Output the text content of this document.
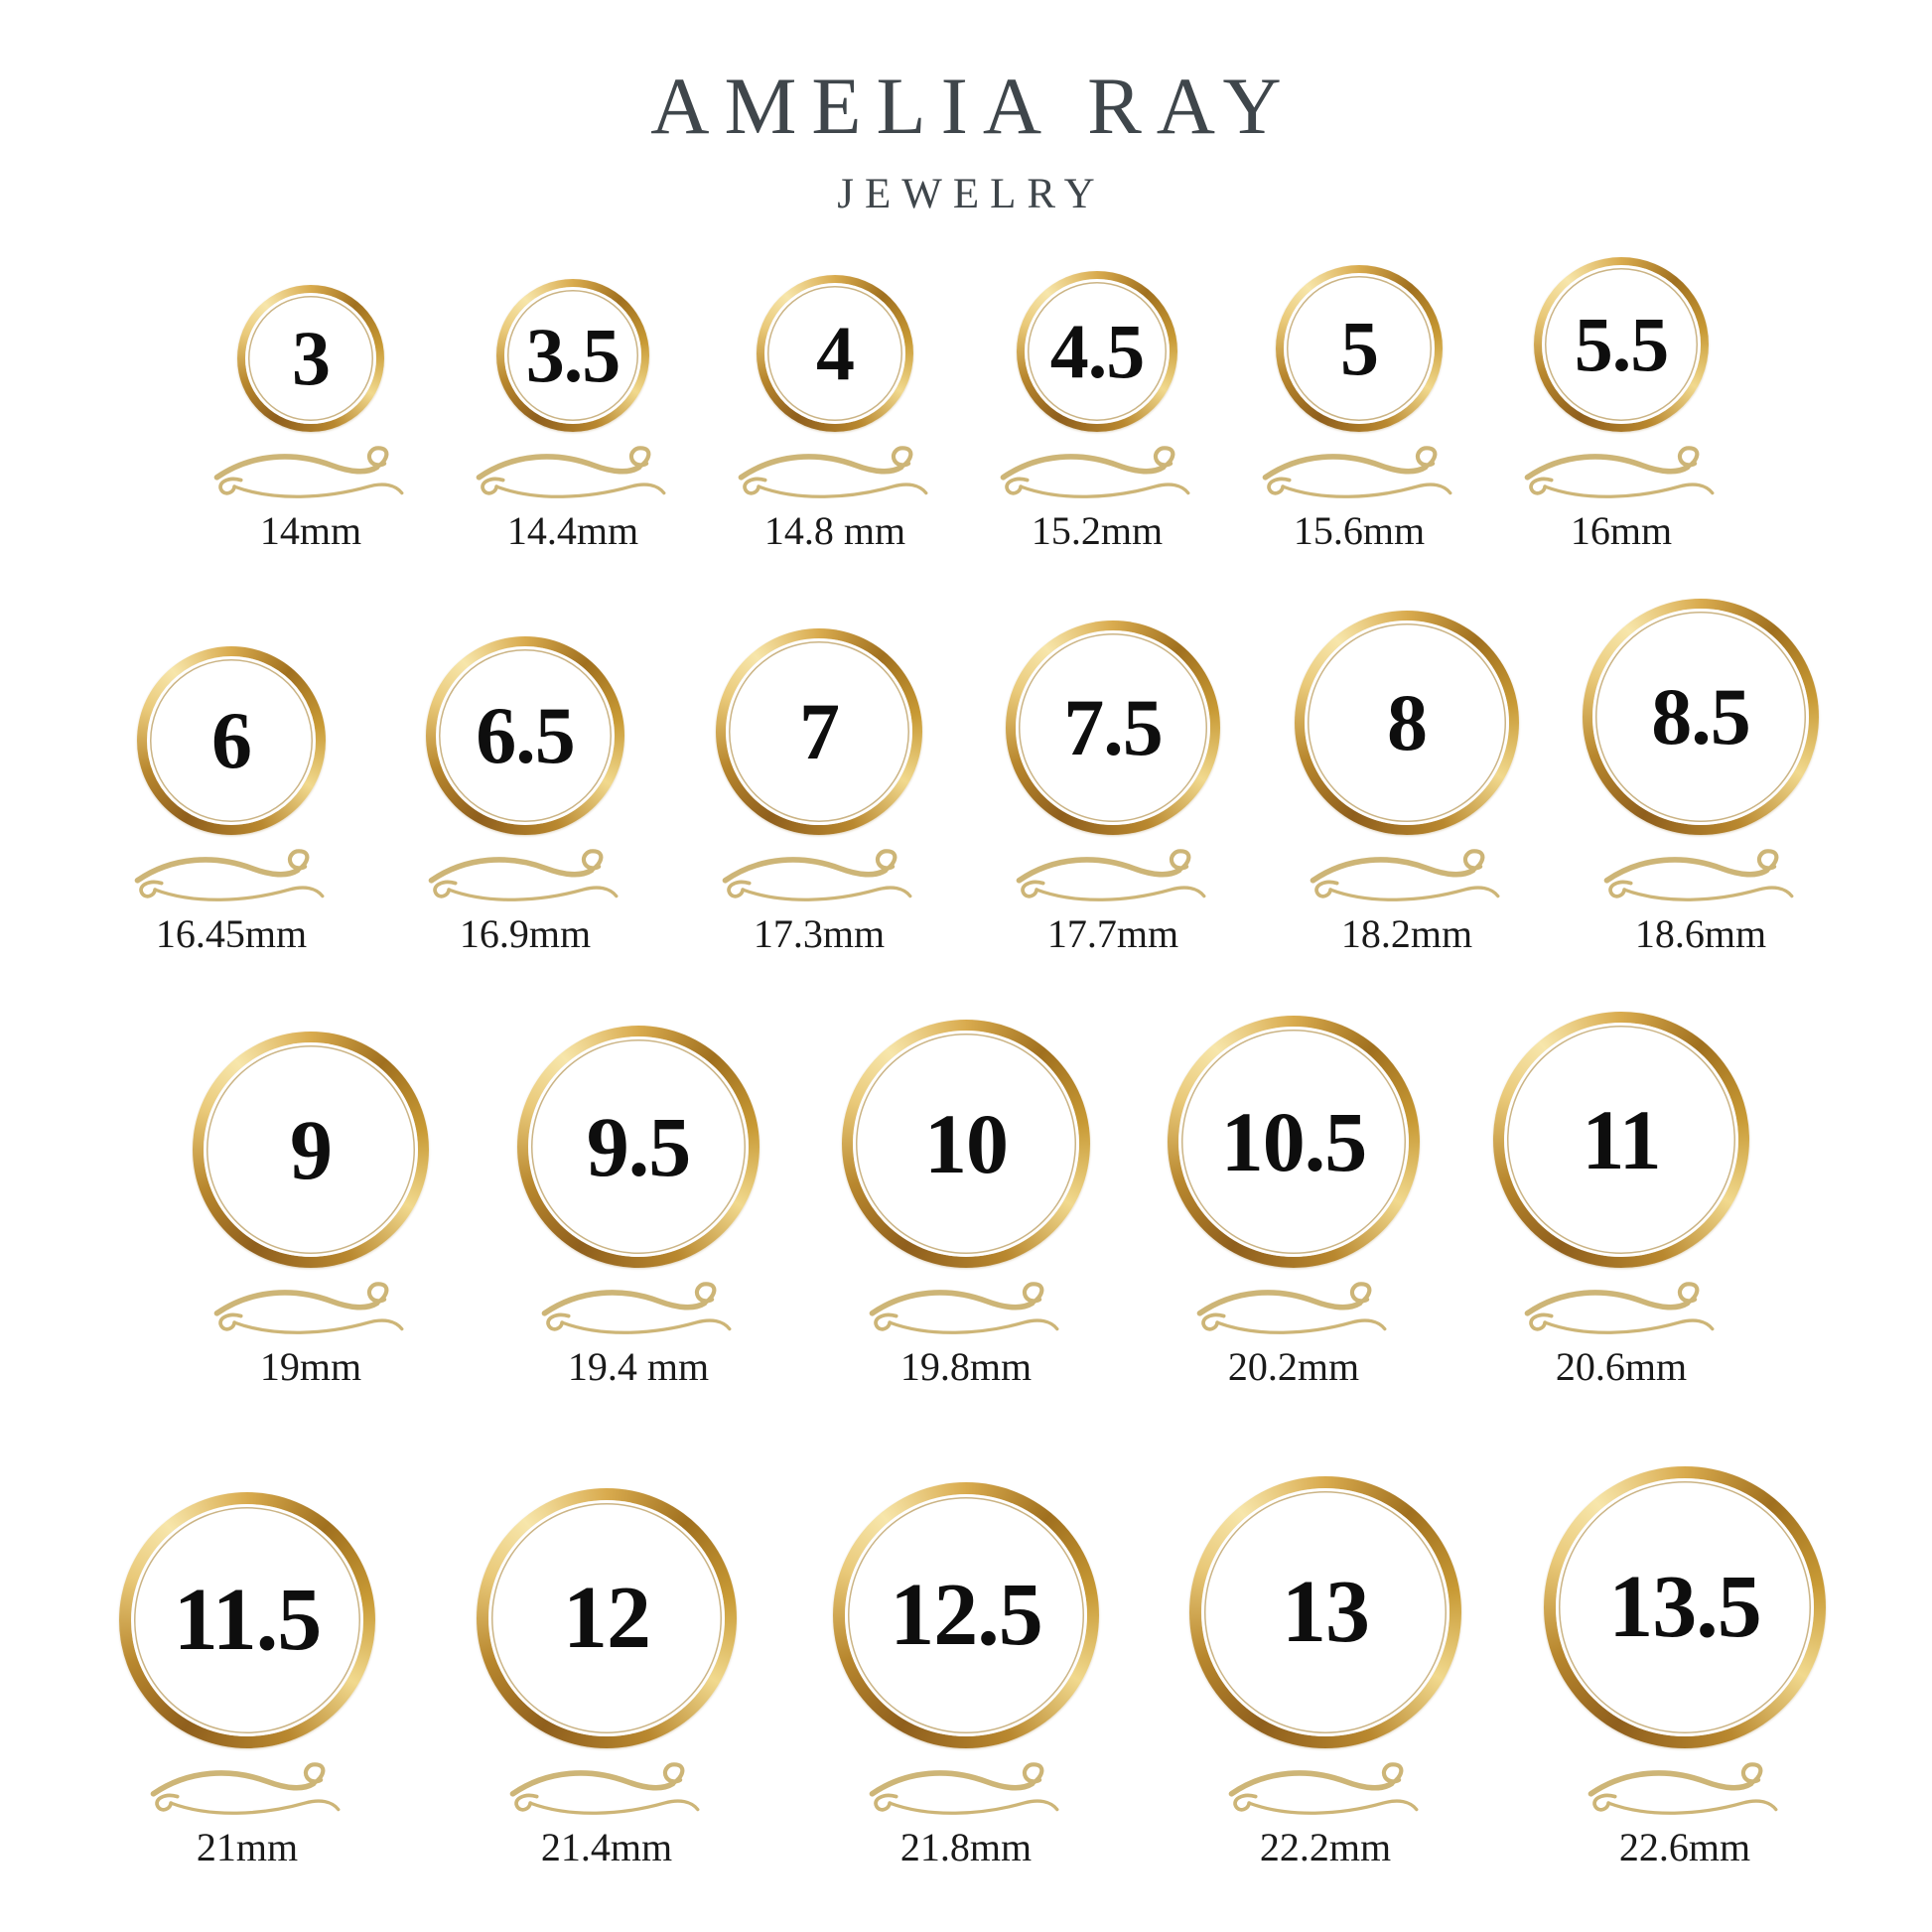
AMELIA RAY
JEWELRY
3
14mm
3.5
14.4mm
4
14.8 mm
4.5
15.2mm
5
15.6mm
5.5
16mm
6
16.45mm
6.5
16.9mm
7
17.3mm
7.5
17.7mm
8
18.2mm
8.5
18.6mm
9
19mm
9.5
19.4 mm
10
19.8mm
10.5
20.2mm
11
20.6mm
11.5
21mm
12
21.4mm
12.5
21.8mm
13
22.2mm
13.5
22.6mm
